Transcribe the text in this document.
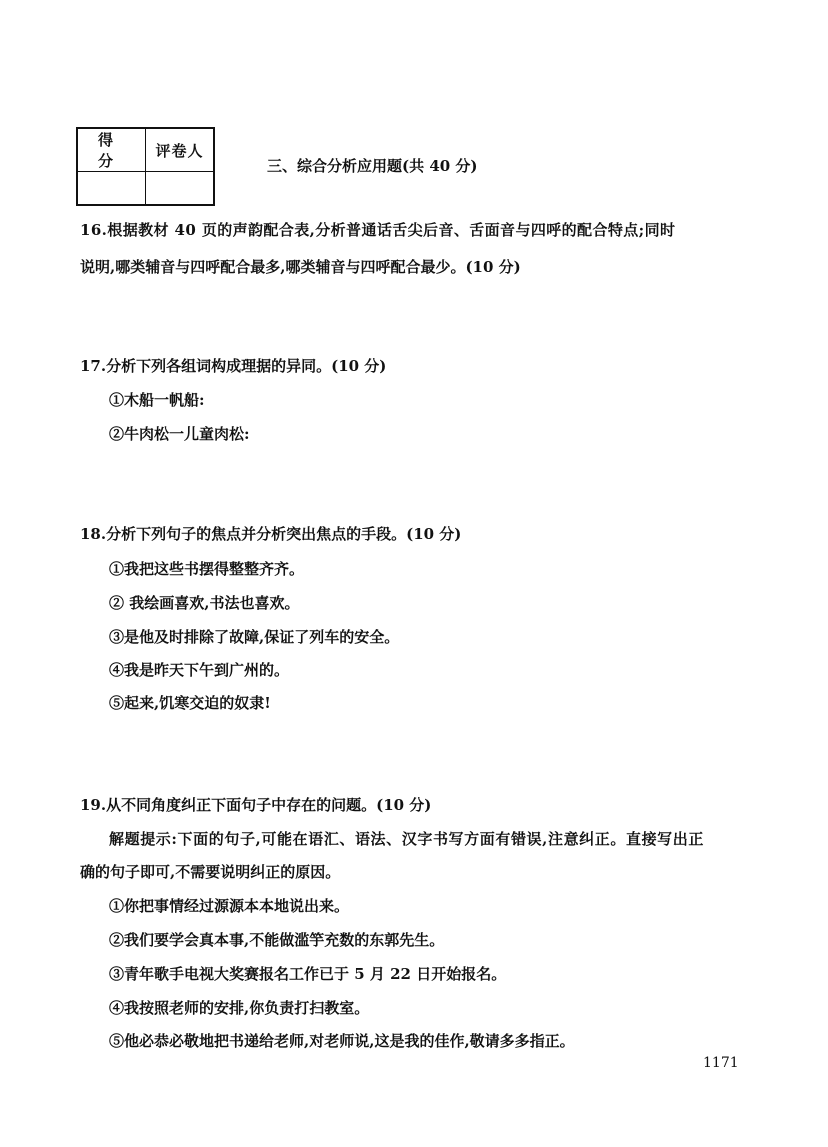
得 分	评卷人

三、综合分析应用题(共 40 分)
16.根据教材 40 页的声韵配合表,分析普通话舌尖后音、舌面音与四呼的配合特点;同时
说明,哪类辅音与四呼配合最多,哪类辅音与四呼配合最少。(10 分)
17.分析下列各组词构成理据的异同。(10 分)
①木船一帆船:
②牛肉松一儿童肉松:
18.分析下列句子的焦点并分析突出焦点的手段。(10 分)
①我把这些书摆得整整齐齐。
② 我绘画喜欢,书法也喜欢。
③是他及时排除了故障,保证了列车的安全。
④我是昨天下午到广州的。
⑤起来,饥寒交迫的奴隶!
19.从不同角度纠正下面句子中存在的问题。(10 分)
解题提示:下面的句子,可能在语汇、语法、汉字书写方面有错误,注意纠正。直接写出正
确的句子即可,不需要说明纠正的原因。
①你把事情经过源源本本地说出来。
②我们要学会真本事,不能做滥竽充数的东郭先生。
③青年歌手电视大奖赛报名工作已于 5 月 22 日开始报名。
④我按照老师的安排,你负责打扫教室。
⑤他必恭必敬地把书递给老师,对老师说,这是我的佳作,敬请多多指正。
1171
